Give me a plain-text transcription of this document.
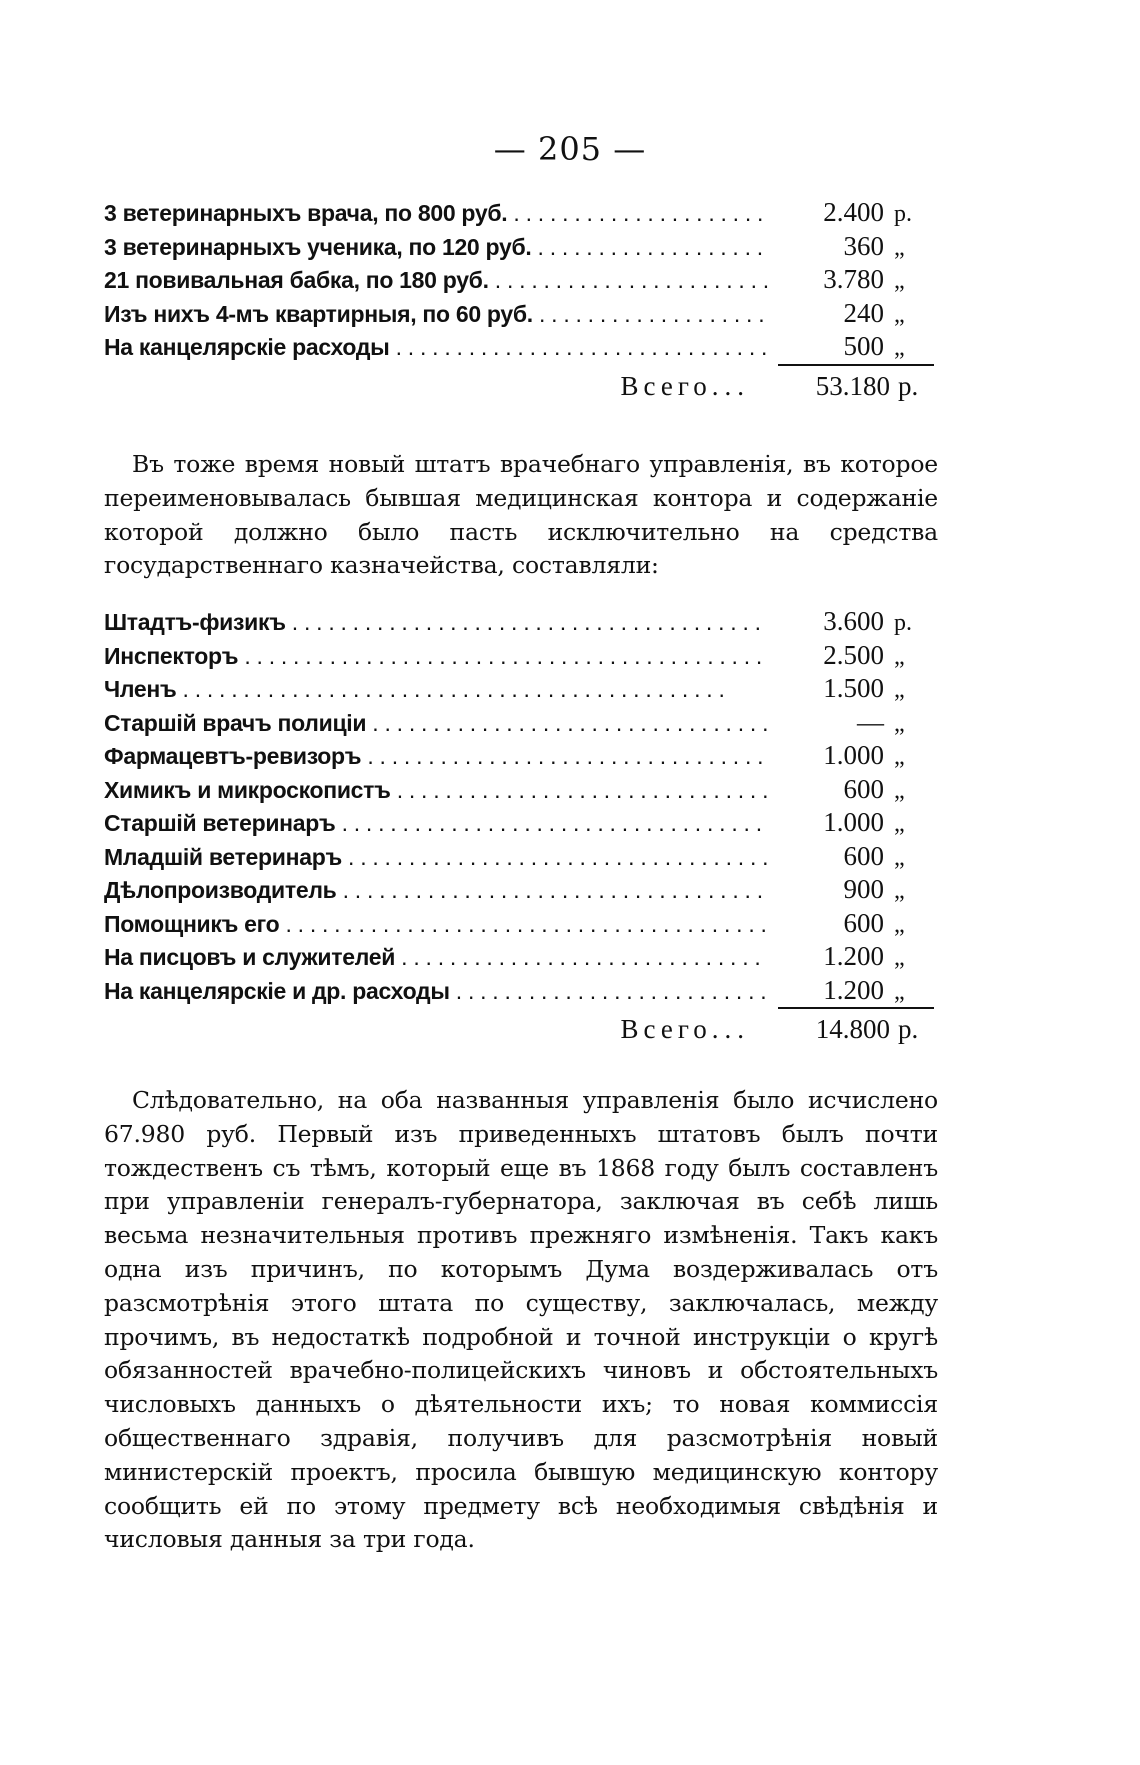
— 205 —
3 ветеринарныхъ врача, по 800 руб. . . .	2.400 р.
3 ветеринарныхъ ученика, по 120 руб. . . .	360 „
21 повивальная бабка, по 180 руб. . . .	3.780 „
Изъ нихъ 4-мъ квартирныя, по 60 руб. . . .	240 „
На канцелярскіе расходы . . .	500 „
Всего...	53.180 р.
Въ тоже время новый штатъ врачебнаго управленія, въ которое переименовывалась бывшая медицинская контора и содержаніе которой должно было пасть исключительно на средства государственнаго казначейства, составляли:
Штадтъ-физикъ . . .	3.600 р.
Инспекторъ . . .	2.500 „
Членъ . . .	1.500 „
Старшій врачъ полиціи . . .	— „
Фармацевтъ-ревизоръ . . .	1.000 „
Химикъ и микроскопистъ . . .	600 „
Старшій ветеринаръ . . .	1.000 „
Младшій ветеринаръ . . .	600 „
Дѣлопроизводитель . . .	900 „
Помощникъ его . . .	600 „
На писцовъ и служителей . . .	1.200 „
На канцелярскіе и др. расходы . . .	1.200 „
Всего...	14.800 р.
Слѣдовательно, на оба названныя управленія было исчислено 67.980 руб. Первый изъ приведенныхъ штатовъ былъ почти тождественъ съ тѣмъ, который еще въ 1868 году былъ составленъ при управленіи генералъ-губернатора, заключая въ себѣ лишь весьма незначительныя противъ прежняго измѣненія. Такъ какъ одна изъ причинъ, по которымъ Дума воздерживалась отъ разсмотрѣнія этого штата по существу, заключалась, между прочимъ, въ недостаткѣ подробной и точной инструкціи о кругѣ обязанностей врачебно-полицейскихъ чиновъ и обстоятельныхъ числовыхъ данныхъ о дѣятельности ихъ; то новая коммиссія общественнаго здравія, получивъ для разсмотрѣнія новый министерскій проектъ, просила бывшую медицинскую контору сообщить ей по этому предмету всѣ необходимыя свѣдѣнія и числовыя данныя за три года.
